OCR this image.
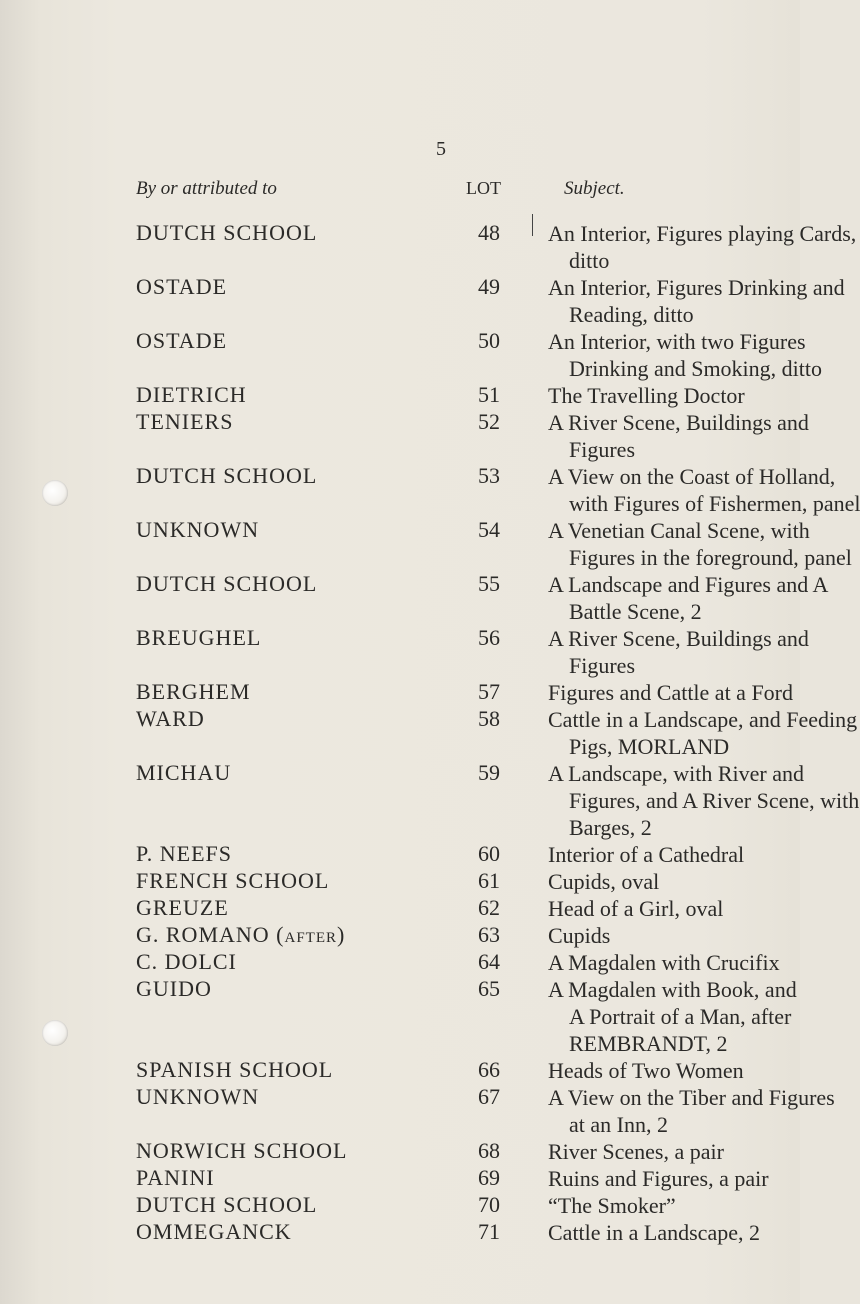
5
By or attributed to	LOT	Subject.
DUTCH SCHOOL	48 An Interior, Figures playing Cards,
ditto
OSTADE	49 An Interior, Figures Drinking and
Reading, ditto
OSTADE	50 An Interior, with two Figures
Drinking and Smoking, ditto
DIETRICH	51 The Travelling Doctor
TENIERS	52 A River Scene, Buildings and
Figures
DUTCH SCHOOL	53 A View on the Coast of Holland,
with Figures of Fishermen, panel
UNKNOWN	54 A Venetian Canal Scene, with
Figures in the foreground, panel
DUTCH SCHOOL	55 A Landscape and Figures and A
Battle Scene, 2
BREUGHEL	56 A River Scene, Buildings and
Figures
BERGHEM	57 Figures and Cattle at a Ford
WARD	58 Cattle in a Landscape, and Feeding
Pigs, MORLAND
MICHAU	59 A Landscape, with River and
Figures, and A River Scene, with
Barges, 2
P. NEEFS	60 Interior of a Cathedral
FRENCH SCHOOL	61 Cupids, oval
GREUZE	62 Head of a Girl, oval
G. ROMANO (after)	63 Cupids
C. DOLCI	64 A Magdalen with Crucifix
GUIDO	65 A Magdalen with Book, and
A Portrait of a Man, after
REMBRANDT, 2
SPANISH SCHOOL	66 Heads of Two Women
UNKNOWN	67 A View on the Tiber and Figures
at an Inn, 2
NORWICH SCHOOL	68 River Scenes, a pair
PANINI	69 Ruins and Figures, a pair
DUTCH SCHOOL	70 “The Smoker”
OMMEGANCK	71 Cattle in a Landscape, 2
